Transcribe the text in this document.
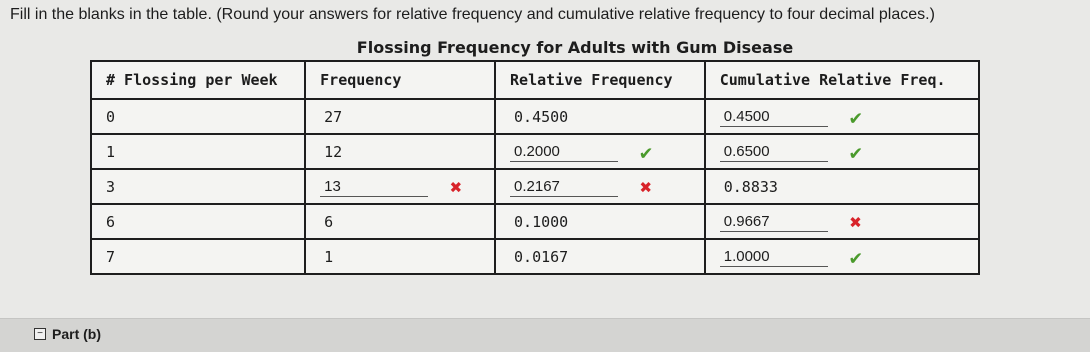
Fill in the blanks in the table. (Round your answers for relative frequency and cumulative relative frequency to four decimal places.)
Flossing Frequency for Adults with Gum Disease
# Flossing per Week	Frequency	Relative Frequency	Cumulative Relative Freq.
0	27	0.4500	0.4500 ✔

1	12	0.2000 ✔	0.6500 ✔

3	13 ✖	0.2167 ✖	0.8833

6	6	0.1000	0.9667 ✖

7	1	0.0167	1.0000 ✔
− Part (b)
